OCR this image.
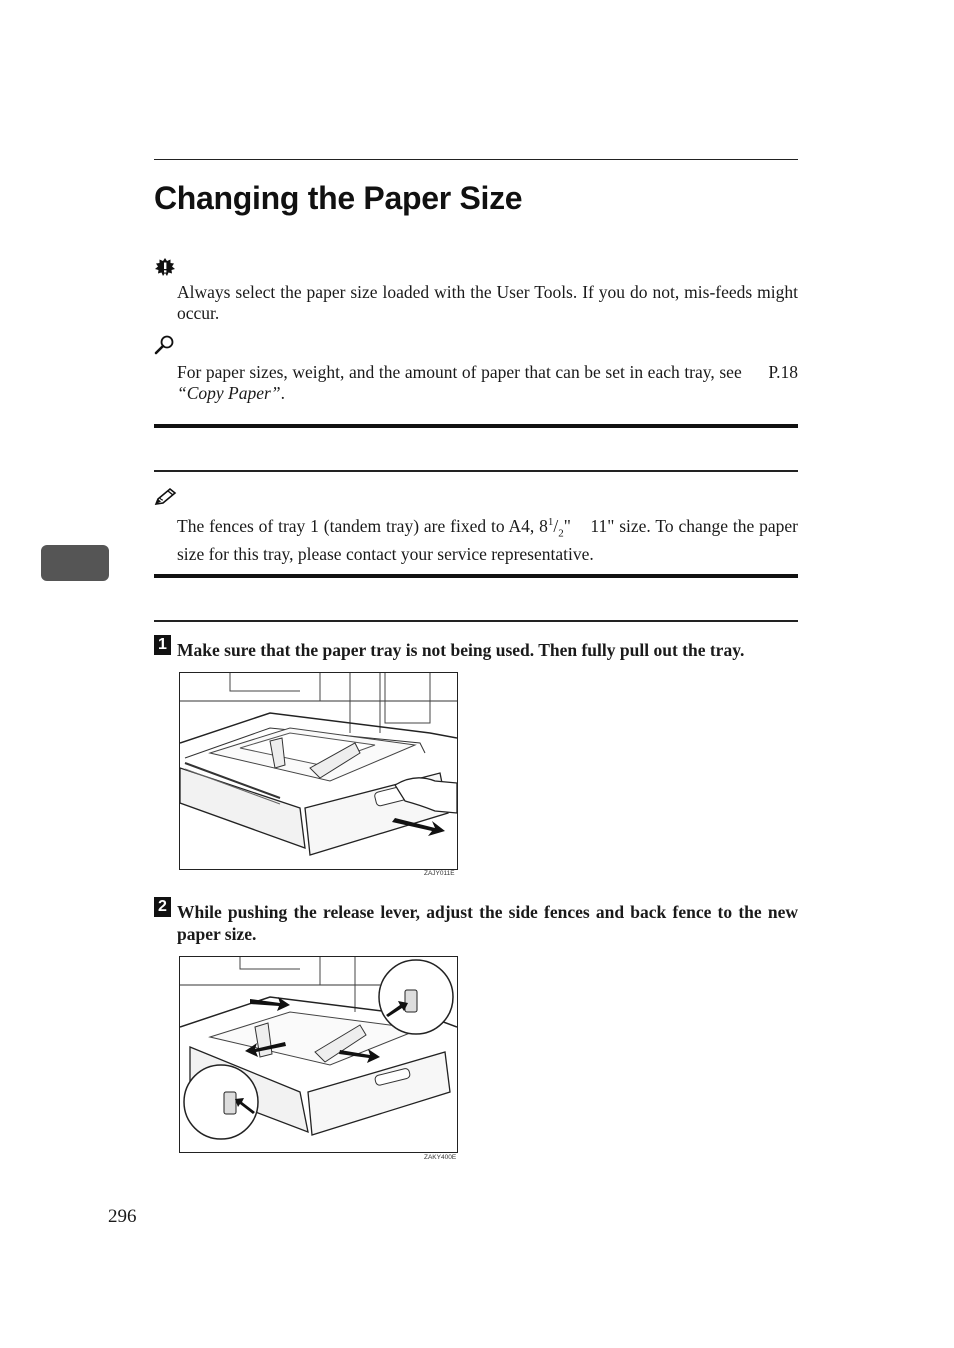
Changing the Paper Size
Always select the paper size loaded with the User Tools. If you do not, mis-feeds might occur.
For paper sizes, weight, and the amount of paper that can be set in each tray, see P.18 “Copy Paper”.
The fences of tray 1 (tandem tray) are fixed to A4, $8^1/_2$"    11" size. To change the paper size for this tray, please contact your service representative.
1 Make sure that the paper tray is not being used. Then fully pull out the tray.
ZAJY011E
2 While pushing the release lever, adjust the side fences and back fence to the new paper size.
ZAKY400E
296
